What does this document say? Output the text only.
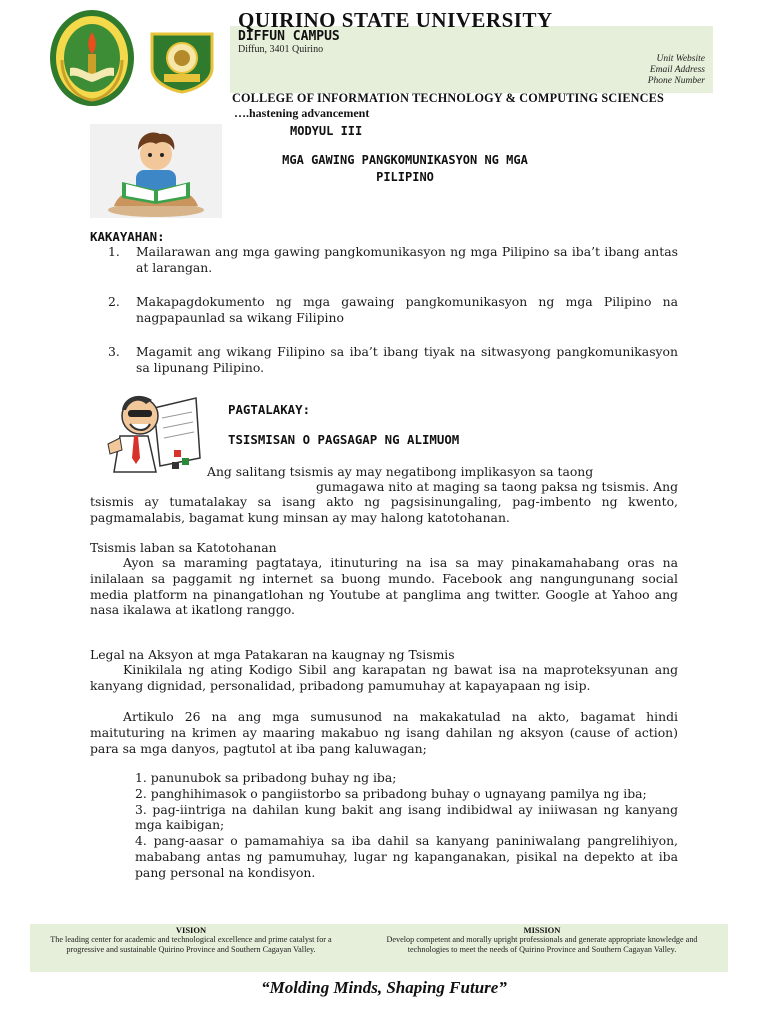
QUIRINO STATE UNIVERSITY
DIFFUN CAMPUS
Diffun, 3401 Quirino
Unit Website
Email Address
Phone Number
COLLEGE OF INFORMATION TECHNOLOGY & COMPUTING SCIENCES
….hastening advancement
MODYUL III
MGA GAWING PANGKOMUNIKASYON NG MGA PILIPINO
KAKAYAHAN:
1.	Mailarawan ang mga gawing pangkomunikasyon ng mga Pilipino sa iba’t ibang antas at larangan.
2.	Makapagdokumento ng mga gawaing pangkomunikasyon ng mga Pilipino na nagpapaunlad sa wikang Filipino
3.	Magamit ang wikang Filipino sa iba’t ibang tiyak na sitwasyong pangkomunikasyon sa lipunang Pilipino.
PAGTALAKAY:
TSISMISAN O PAGSAGAP NG ALIMUOM
Ang salitang tsismis ay may negatibong implikasyon sa taong
gumagawa nito at maging sa taong paksa ng tsismis. Ang
tsismis ay tumatalakay sa isang akto ng pagsisinungaling, pag-imbento ng kwento, pagmamalabis, bagamat kung minsan ay may halong katotohanan.
Tsismis laban sa Katotohanan
Ayon sa maraming pagtataya, itinuturing na isa sa may pinakamahabang oras na inilalaan sa paggamit ng internet sa buong mundo. Facebook ang nangungunang social media platform na pinangatlohan ng Youtube at panglima ang twitter. Google at Yahoo ang nasa ikalawa at ikatlong ranggo.
Legal na Aksyon at mga Patakaran na kaugnay ng Tsismis
Kinikilala ng ating Kodigo Sibil ang karapatan ng bawat isa na maproteksyunan ang kanyang dignidad, personalidad, pribadong pamumuhay at kapayapaan ng isip.
Artikulo 26 na ang mga sumusunod na makakatulad na akto, bagamat hindi maituturing na krimen ay maaring makabuo ng isang dahilan ng aksyon (cause of action) para sa mga danyos, pagtutol at iba pang kaluwagan;
1. panunubok sa pribadong buhay ng iba;
2. panghihimasok o pangiistorbo sa pribadong buhay o ugnayang pamilya ng iba;
3. pag-iintriga na dahilan kung bakit ang isang indibidwal ay iniiwasan ng kanyang mga kaibigan;
4. pang-aasar o pamamahiya sa iba dahil sa kanyang paniniwalang pangrelihiyon, mababang antas ng pamumuhay, lugar ng kapanganakan, pisikal na depekto at iba pang personal na kondisyon.
VISION
The leading center for academic and technological excellence and prime catalyst for a progressive and sustainable Quirino Province and Southern Cagayan Valley.
MISSION
Develop competent and morally upright professionals and generate appropriate knowledge and technologies to meet the needs of Quirino Province and Southern Cagayan Valley.
“Molding Minds, Shaping Future”
